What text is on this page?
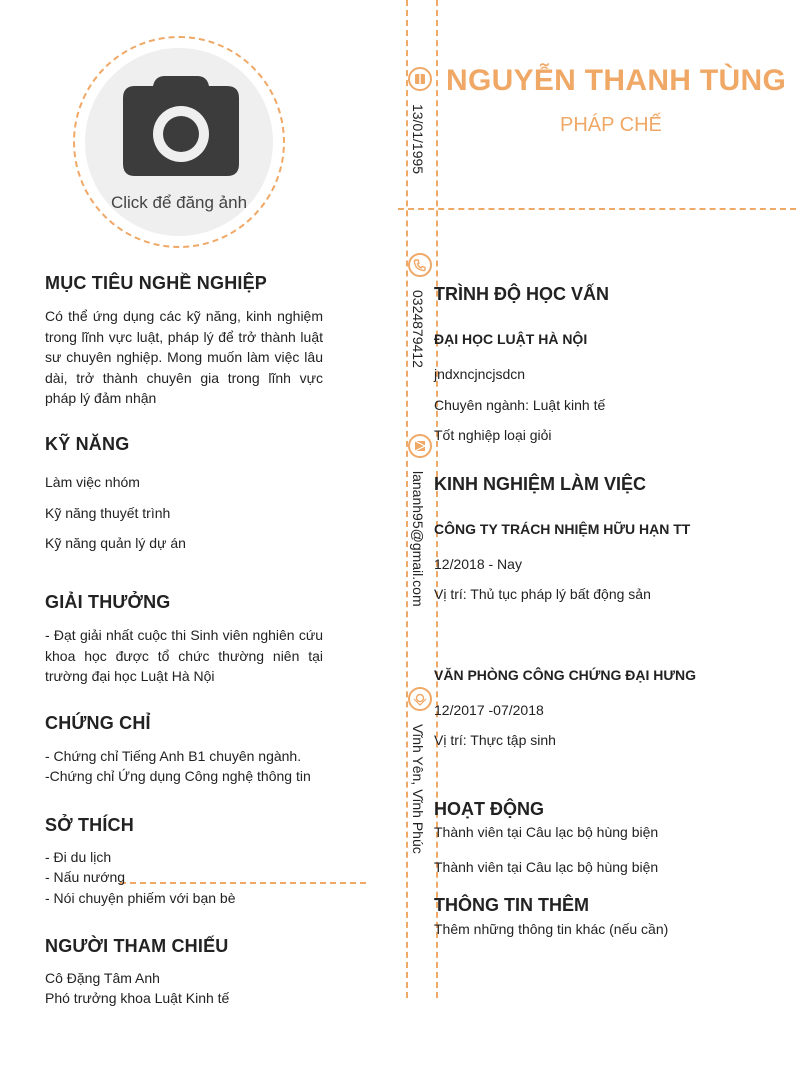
Click để đăng ảnh
NGUYỄN THANH TÙNG
PHÁP CHẾ
13/01/1995
0324879412
lananh95@gmail.com
Vĩnh Yên, Vĩnh Phúc
MỤC TIÊU NGHỀ NGHIỆP
Có thể ứng dụng các kỹ năng, kinh nghiệm trong lĩnh vực luật, pháp lý để trở thành luật sư chuyên nghiệp. Mong muốn làm việc lâu dài, trở thành chuyên gia trong lĩnh vực pháp lý đảm nhận
KỸ NĂNG
Làm việc nhóm
Kỹ năng thuyết trình
Kỹ năng quản lý dự án
GIẢI THƯỞNG
- Đạt giải nhất cuộc thi Sinh viên nghiên cứu khoa học được tổ chức thường niên tại trường đại học Luật Hà Nội
CHỨNG CHỈ
- Chứng chỉ Tiếng Anh B1 chuyên ngành.
-Chứng chỉ Ứng dụng Công nghệ thông tin
SỞ THÍCH
- Đi du lịch
- Nấu nướng
- Nói chuyện phiếm với bạn bè
NGƯỜI THAM CHIẾU
Cô Đặng Tâm Anh
Phó trưởng khoa Luật Kinh tế
TRÌNH ĐỘ HỌC VẤN
ĐẠI HỌC LUẬT HÀ NỘI
jndxncjncjsdcn
Chuyên ngành: Luật kinh tế
Tốt nghiệp loại giỏi
KINH NGHIỆM LÀM VIỆC
CÔNG TY TRÁCH NHIỆM HỮU HẠN TT
12/2018 - Nay
Vị trí: Thủ tục pháp lý bất động sản
VĂN PHÒNG CÔNG CHỨNG ĐẠI HƯNG
12/2017 -07/2018
Vị trí: Thực tập sinh
HOẠT ĐỘNG
Thành viên tại Câu lạc bộ hùng biện
Thành viên tại Câu lạc bộ hùng biện
THÔNG TIN THÊM
Thêm những thông tin khác (nếu cần)
